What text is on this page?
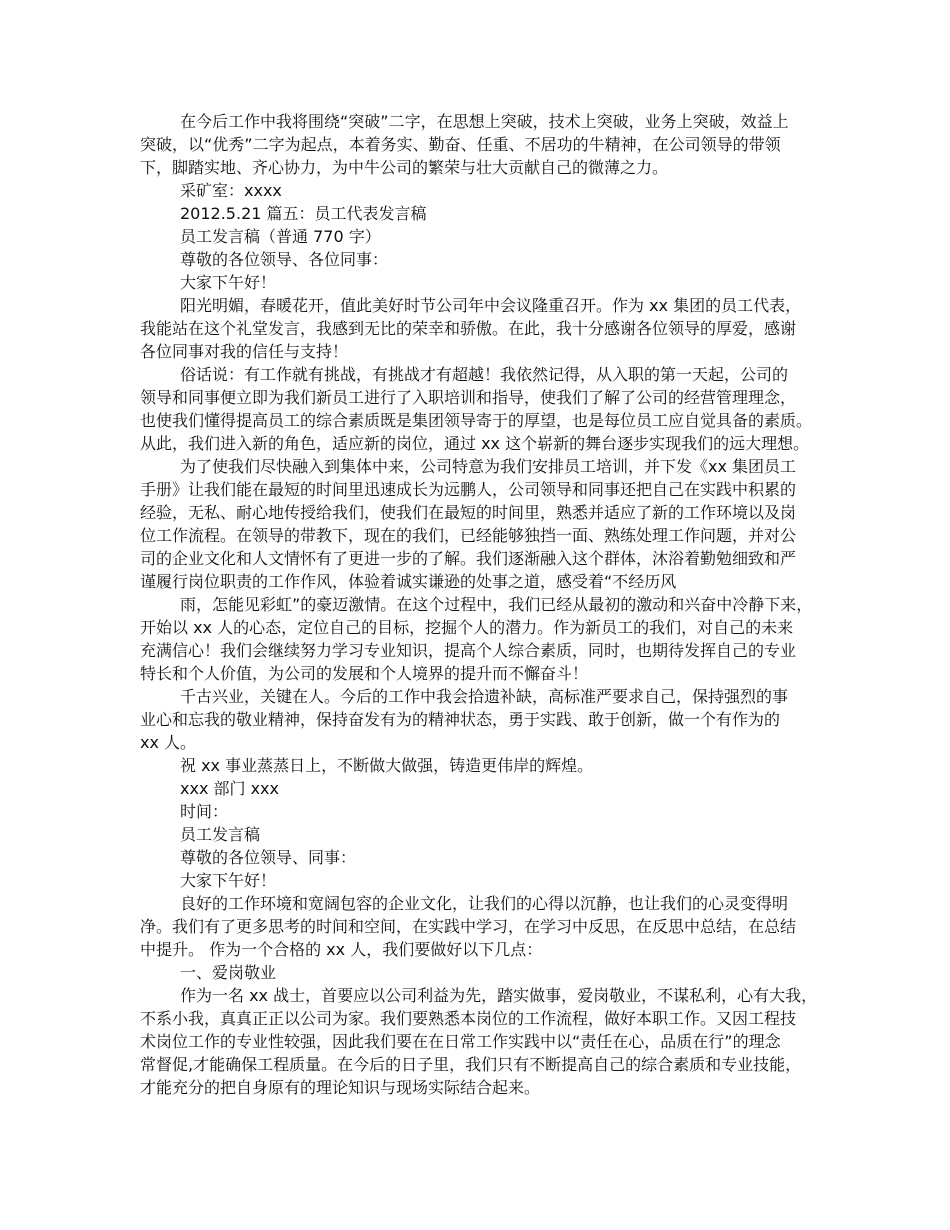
在今后工作中我将围绕“突破”二字，在思想上突破，技术上突破，业务上突破，效益上
突破，以“优秀”二字为起点，本着务实、勤奋、任重、不居功的牛精神，在公司领导的带领
下，脚踏实地、齐心协力，为中牛公司的繁荣与壮大贡献自己的微薄之力。
采矿室：xxxx
2012.5.21 篇五：员工代表发言稿
员工发言稿（普通 770 字）
尊敬的各位领导、各位同事：
大家下午好！
阳光明媚，春暖花开，值此美好时节公司年中会议隆重召开。作为 xx 集团的员工代表，
我能站在这个礼堂发言，我感到无比的荣幸和骄傲。在此，我十分感谢各位领导的厚爱，感谢
各位同事对我的信任与支持！
俗话说：有工作就有挑战，有挑战才有超越！我依然记得，从入职的第一天起，公司的
领导和同事便立即为我们新员工进行了入职培训和指导，使我们了解了公司的经营管理理念，
也使我们懂得提高员工的综合素质既是集团领导寄于的厚望，也是每位员工应自觉具备的素质。
从此，我们进入新的角色，适应新的岗位，通过 xx 这个崭新的舞台逐步实现我们的远大理想。
为了使我们尽快融入到集体中来，公司特意为我们安排员工培训，并下发《xx 集团员工
手册》让我们能在最短的时间里迅速成长为远鹏人，公司领导和同事还把自己在实践中积累的
经验，无私、耐心地传授给我们，使我们在最短的时间里，熟悉并适应了新的工作环境以及岗
位工作流程。在领导的带教下，现在的我们，已经能够独挡一面、熟练处理工作问题，并对公
司的企业文化和人文情怀有了更进一步的了解。我们逐渐融入这个群体，沐浴着勤勉细致和严
谨履行岗位职责的工作作风，体验着诚实谦逊的处事之道，感受着“不经历风
雨，怎能见彩虹”的豪迈激情。在这个过程中，我们已经从最初的激动和兴奋中冷静下来，
开始以 xx 人的心态，定位自己的目标，挖掘个人的潜力。作为新员工的我们，对自己的未来
充满信心！我们会继续努力学习专业知识，提高个人综合素质，同时，也期待发挥自己的专业
特长和个人价值，为公司的发展和个人境界的提升而不懈奋斗！
千古兴业，关键在人。今后的工作中我会拾遗补缺，高标准严要求自己，保持强烈的事
业心和忘我的敬业精神，保持奋发有为的精神状态，勇于实践、敢于创新，做一个有作为的
xx 人。
祝 xx 事业蒸蒸日上，不断做大做强，铸造更伟岸的辉煌。
xxx 部门 xxx
时间：
员工发言稿
尊敬的各位领导、同事：
大家下午好！
良好的工作环境和宽阔包容的企业文化，让我们的心得以沉静，也让我们的心灵变得明
净。我们有了更多思考的时间和空间，在实践中学习，在学习中反思，在反思中总结，在总结
中提升。 作为一个合格的 xx 人，我们要做好以下几点：
一、爱岗敬业
作为一名 xx 战士，首要应以公司利益为先，踏实做事，爱岗敬业，不谋私利，心有大我，
不系小我，真真正正以公司为家。我们要熟悉本岗位的工作流程，做好本职工作。又因工程技
术岗位工作的专业性较强，因此我们要在在日常工作实践中以“责任在心，品质在行”的理念
常督促,才能确保工程质量。在今后的日子里，我们只有不断提高自己的综合素质和专业技能，
才能充分的把自身原有的理论知识与现场实际结合起来。
